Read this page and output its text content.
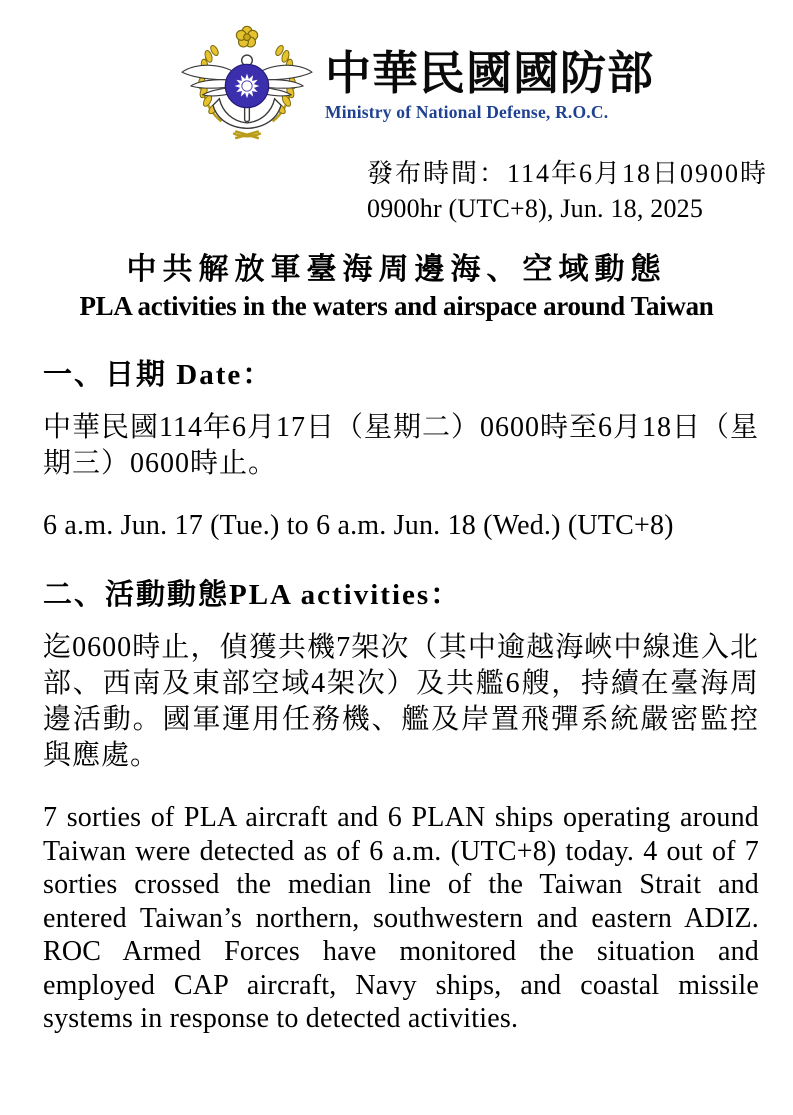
中華民國國防部
Ministry of National Defense, R.O.C.
發布時間：114年6月18日0900時
0900hr (UTC+8), Jun. 18, 2025
中共解放軍臺海周邊海、空域動態
PLA activities in the waters and airspace around Taiwan
一、日期 Date：
中華民國114年6月17日（星期二）0600時至6月18日（星期三）0600時止。
6 a.m. Jun. 17 (Tue.) to 6 a.m. Jun. 18 (Wed.) (UTC+8)
二、活動動態PLA activities：
迄0600時止，偵獲共機7架次（其中逾越海峽中線進入北部、西南及東部空域4架次）及共艦6艘，持續在臺海周邊活動。國軍運用任務機、艦及岸置飛彈系統嚴密監控與應處。
7 sorties of PLA aircraft and 6 PLAN ships operating around Taiwan were detected as of 6 a.m. (UTC+8) today. 4 out of 7 sorties crossed the median line of the Taiwan Strait and entered Taiwan’s northern, southwestern and eastern ADIZ. ROC Armed Forces have monitored the situation and employed CAP aircraft, Navy ships, and coastal missile systems in response to detected activities.
